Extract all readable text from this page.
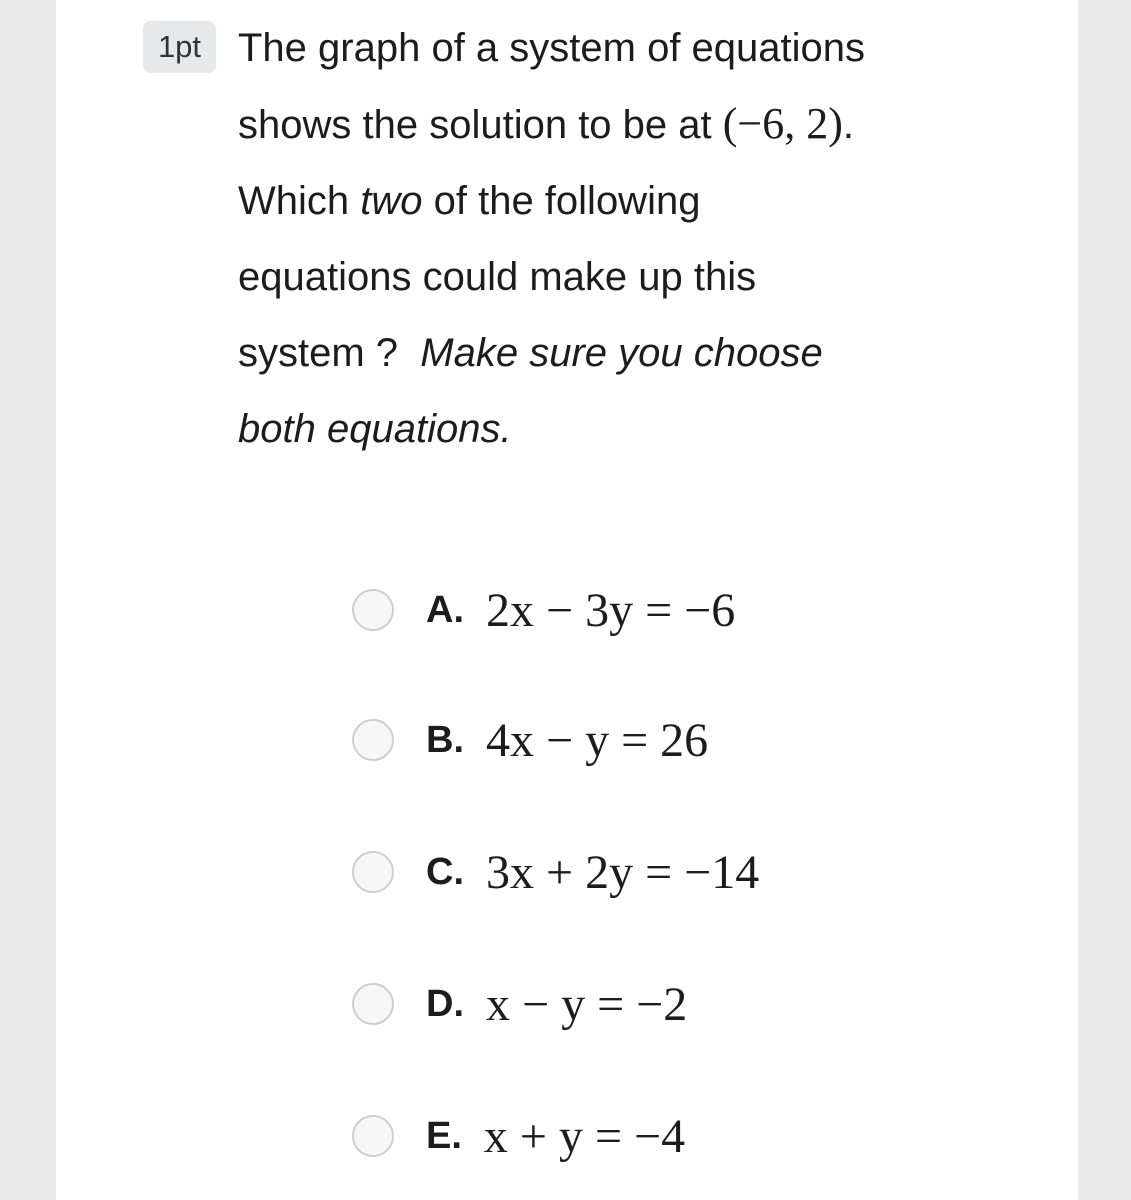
1pt The graph of a system of equations
shows the solution to be at (−6, 2).
Which two of the following
equations could make up this
system ?  Make sure you choose
both equations.
A. 2x − 3y = −6
B. 4x − y = 26
C. 3x + 2y = −14
D. x − y = −2
E. x + y = −4
